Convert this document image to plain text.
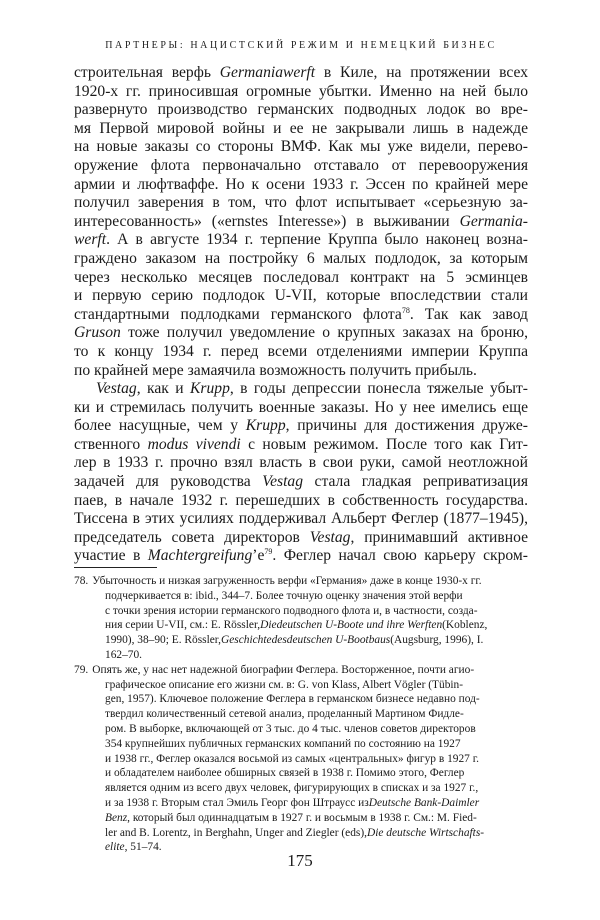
ПАРТНЕРЫ: НАЦИСТСКИЙ РЕЖИМ И НЕМЕЦКИЙ БИЗНЕС
строительная верфь Germaniawerft в Киле, на протяжении всех
1920-х гг. приносившая огромные убытки. Именно на ней было
развернуто производство германских подводных лодок во вре-
мя Первой мировой войны и ее не закрывали лишь в надежде
на новые заказы со стороны ВМФ. Как мы уже видели, перево-
оружение флота первоначально отставало от перевооружения
армии и люфтваффе. Но к осени 1933 г. Эссен по крайней мере
получил заверения в том, что флот испытывает «серьезную за-
интересованность» («ernstes Interesse») в выживании Germania-
werft. А в августе 1934 г. терпение Круппа было наконец возна-
граждено заказом на постройку 6 малых подлодок, за которым
через несколько месяцев последовал контракт на 5 эсминцев
и первую серию подлодок U-VII, которые впоследствии стали
стандартными подлодками германского флота$^{78}$. Так как завод
Gruson тоже получил уведомление о крупных заказах на броню,
то к концу 1934 г. перед всеми отделениями империи Круппа
по крайней мере замаячила возможность получить прибыль.
Vestag, как и Krupp, в годы депрессии понесла тяжелые убыт-
ки и стремилась получить военные заказы. Но у нее имелись еще
более насущные, чем у Krupp, причины для достижения друже-
ственного modus vivendi с новым режимом. После того как Гит-
лер в 1933 г. прочно взял власть в свои руки, самой неотложной
задачей для руководства Vestag стала гладкая реприватизация
паев, в начале 1932 г. перешедших в собственность государства.
Тиссена в этих усилиях поддерживал Альберт Феглер (1877–1945),
председатель совета директоров Vestag, принимавший активное
участие в $Machtergreifung’е^{79}$. Феглер начал свою карьеру скром-
78. Убыточность и низкая загруженность верфи «Германия» даже в конце 1930-х гг.
подчеркивается в: ibid., 344–7. Более точную оценку значения этой верфи
с точки зрения истории германского подводного флота и, в частности, созда-
ния серии U-VII, см.: E. Rössler, Diedeutschen U-Boote und ihre Werften (Koblenz,
1990), 38–90; E. Rössler, Geschichtedesdeutschen U-Bootbaus (Augsburg, 1996), I.
162–70.
79. Опять же, у нас нет надежной биографии Феглера. Восторженное, почти агио-
графическое описание его жизни см. в: G. von Klass, Albert Vögler (Tübin-
gen, 1957). Ключевое положение Феглера в германском бизнесе недавно под-
твердил количественный сетевой анализ, проделанный Мартином Фидле-
ром. В выборке, включающей от 3 тыс. до 4 тыс. членов советов директоров
354 крупнейших публичных германских компаний по состоянию на 1927
и 1938 гг., Феглер оказался восьмой из самых «центральных» фигур в 1927 г.
и обладателем наиболее обширных связей в 1938 г. Помимо этого, Феглер
является одним из всего двух человек, фигурирующих в списках и за 1927 г.,
и за 1938 г. Вторым стал Эмиль Георг фон Штраусс из Deutsche Bank-Daimler
Benz , который был одиннадцатым в 1927 г. и восьмым в 1938 г. См.: M. Fied-
ler and B. Lorentz, in Berghahn, Unger and Ziegler (eds), Die deutsche Wirtschafts-
elite , 51–74.
175
